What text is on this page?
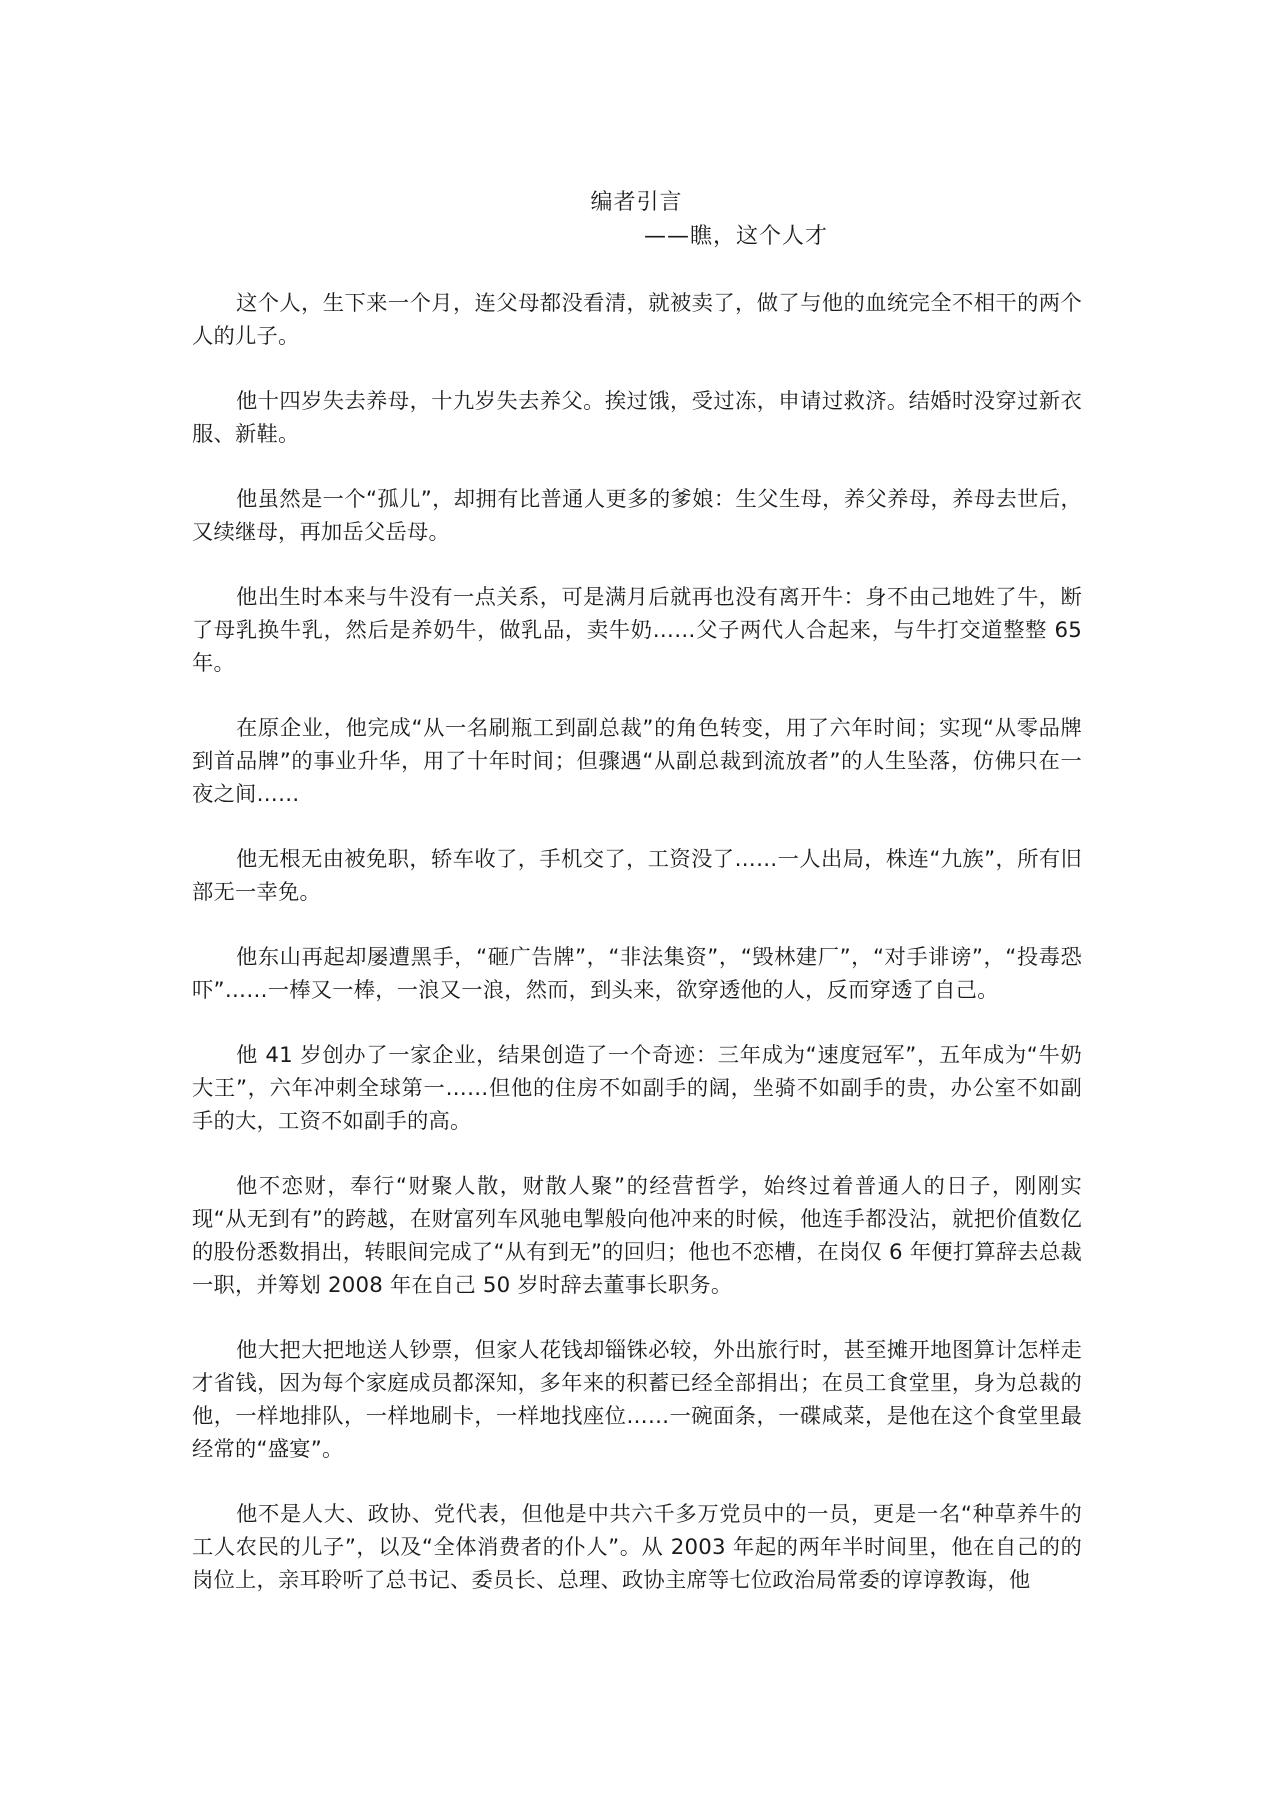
编者引言
——瞧，这个人才

这个人，生下来一个月，连父母都没看清，就被卖了，做了与他的血统完全不相干的两个人的儿子。

他十四岁失去养母，十九岁失去养父。挨过饿，受过冻，申请过救济。结婚时没穿过新衣服、新鞋。

他虽然是一个“孤儿”，却拥有比普通人更多的爹娘：生父生母，养父养母，养母去世后，又续继母，再加岳父岳母。

他出生时本来与牛没有一点关系，可是满月后就再也没有离开牛：身不由己地姓了牛，断了母乳换牛乳，然后是养奶牛，做乳品，卖牛奶……父子两代人合起来，与牛打交道整整 65 年。

在原企业，他完成“从一名刷瓶工到副总裁”的角色转变，用了六年时间；实现“从零品牌到首品牌”的事业升华，用了十年时间；但骤遇“从副总裁到流放者”的人生坠落，仿佛只在一夜之间……

他无根无由被免职，轿车收了，手机交了，工资没了……一人出局，株连“九族”，所有旧部无一幸免。

他东山再起却屡遭黑手，“砸广告牌”，“非法集资”，“毁林建厂”，“对手诽谤”，“投毒恐吓”……一棒又一棒，一浪又一浪，然而，到头来，欲穿透他的人，反而穿透了自己。

他 41 岁创办了一家企业，结果创造了一个奇迹：三年成为“速度冠军”，五年成为“牛奶大王”，六年冲刺全球第一……但他的住房不如副手的阔，坐骑不如副手的贵，办公室不如副手的大，工资不如副手的高。

他不恋财，奉行“财聚人散，财散人聚”的经营哲学，始终过着普通人的日子，刚刚实现“从无到有”的跨越，在财富列车风驰电掣般向他冲来的时候，他连手都没沾，就把价值数亿的股份悉数捐出，转眼间完成了“从有到无”的回归；他也不恋槽，在岗仅 6 年便打算辞去总裁一职，并筹划 2008 年在自己 50 岁时辞去董事长职务。

他大把大把地送人钞票，但家人花钱却锱铢必较，外出旅行时，甚至摊开地图算计怎样走才省钱，因为每个家庭成员都深知，多年来的积蓄已经全部捐出；在员工食堂里，身为总裁的他，一样地排队，一样地刷卡，一样地找座位……一碗面条，一碟咸菜，是他在这个食堂里最经常的“盛宴”。

他不是人大、政协、党代表，但他是中共六千多万党员中的一员，更是一名“种草养牛的工人农民的儿子”，以及“全体消费者的仆人”。从 2003 年起的两年半时间里，他在自己的的岗位上，亲耳聆听了总书记、委员长、总理、政协主席等七位政治局常委的谆谆教诲，他
